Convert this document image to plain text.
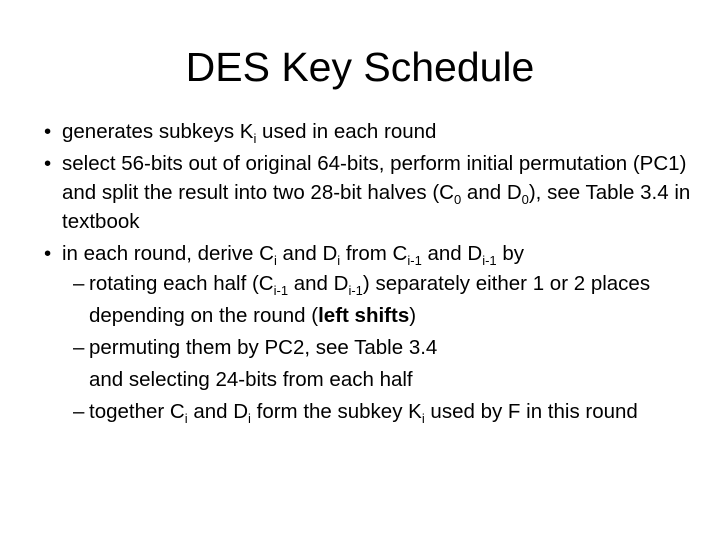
DES Key Schedule
• generates subkeys $K_i$ used in each round
• select 56-bits out of original 64-bits, perform initial permutation (PC1) and split the result into two 28-bit halves ($C_0$ and $D_0$), see Table 3.4 in textbook
• in each round, derive $C_i$ and $D_i$ from $C_{i-1}$ and $D_{i-1}$ by
– rotating each half ($C_{i-1}$ and $D_{i-1}$) separately either 1 or 2 places depending on the round (left shifts)
– permuting them by PC2, see Table 3.4
and selecting 24-bits from each half
– together $C_i$ and $D_i$ form the subkey $K_i$ used by F in this round
